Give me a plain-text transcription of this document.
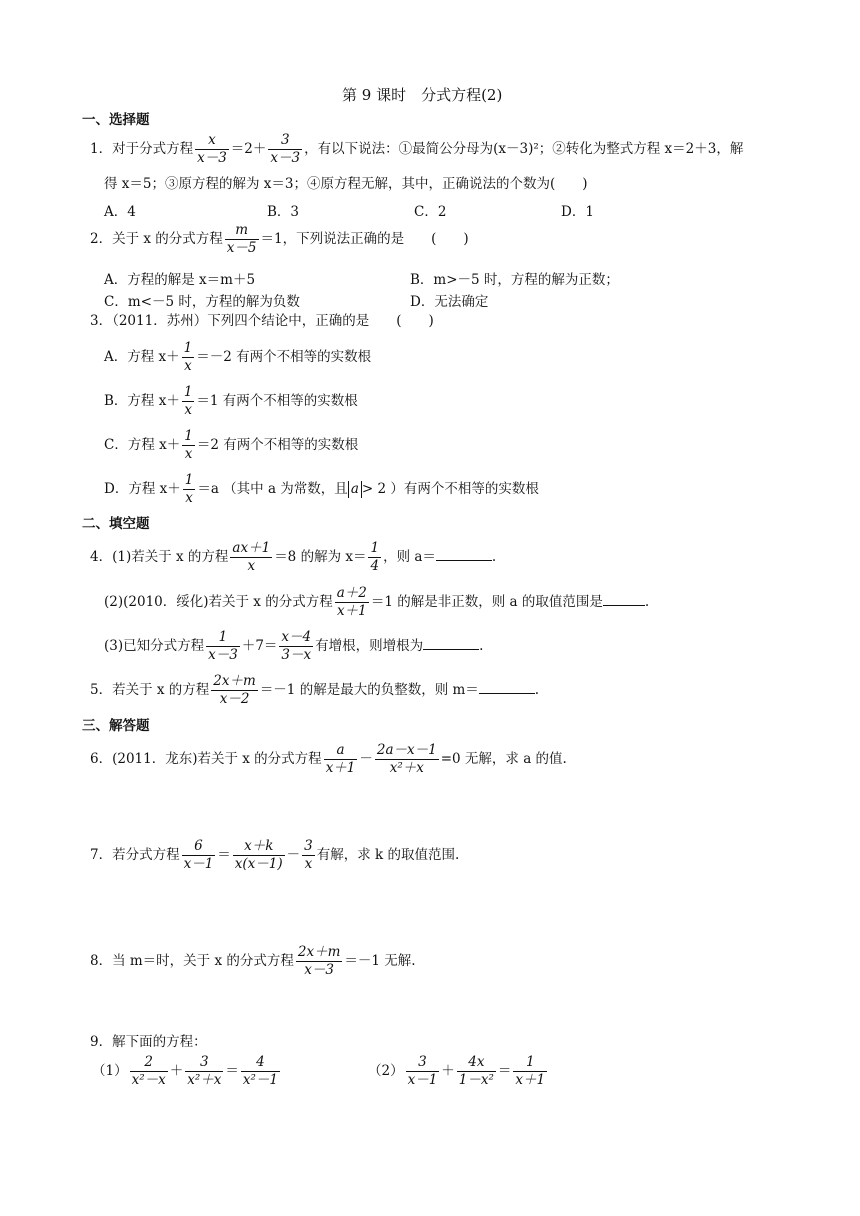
第 9 课时　分式方程(2)
一、选择题
1．对于分式方程 $\frac{x}{x-3} =2+ \frac{3}{x-3}$ ，有以下说法：①最简公分母为(x－3)²；②转化为整式方程 x＝2＋3，解
得 x＝5；③原方程的解为 x＝3；④原方程无解，其中，正确说法的个数为(　　)
A．4	B．3	C．2	D．1
2．关于 x 的分式方程 $\frac{m}{x-5} =1$，下列说法正确的是　　(　　)
A．方程的解是 x＝m＋5	B．m>－5 时，方程的解为正数；
C．m<－5 时，方程的解为负数	D．无法确定
3．（2011．苏州）下列四个结论中，正确的是　　(　　)
A．方程 $x+ \frac{1}{x} =-2$ 有两个不相等的实数根
B．方程 $x+ \frac{1}{x} =1$ 有两个不相等的实数根
C．方程 $x+ \frac{1}{x} =2$ 有两个不相等的实数根
D．方程 $x+ \frac{1}{x} =a$ （其中 a 为常数，且 a > 2 ）有两个不相等的实数根
二、填空题
4．(1)若关于 x 的方程 $\frac{ax+1}{x} =8$ 的解为 $x= \frac{1}{4}$ ，则 a＝	.
(2)(2010．绥化)若关于 x 的分式方程 $\frac{a+2}{x+1} =1$ 的解是非正数，则 a 的取值范围是	.
(3)已知分式方程 $\frac{1}{x-3} +7= \frac{x-4}{3-x}$ 有增根，则增根为	.
5．若关于 x 的方程 $\frac{2x+m}{x-2} =-1$ 的解是最大的负整数，则 m＝	.
三、解答题
6．(2011．龙东)若关于 x 的分式方程 $\frac{a}{x+1} - \frac{2a-x-1}{\text{x²＋x}} =0$ 无解，求 a 的值.
7．若分式方程 $\frac{6}{x-1} = \frac{x+k}{x(x-1)} - \frac{3}{x}$ 有解，求 k 的取值范围.
8．当 m＝时，关于 x 的分式方程 $\frac{2x+m}{x-3} =-1$ 无解.
9．解下面的方程：
$(1) \frac{2}{\text{x²－x}} + \frac{3}{\text{x²＋x}} = \frac{4}{\text{x²－1}}$	$(2) \frac{3}{x-1} + \frac{4x}{\text{1－x²}} = \frac{1}{x+1}$
